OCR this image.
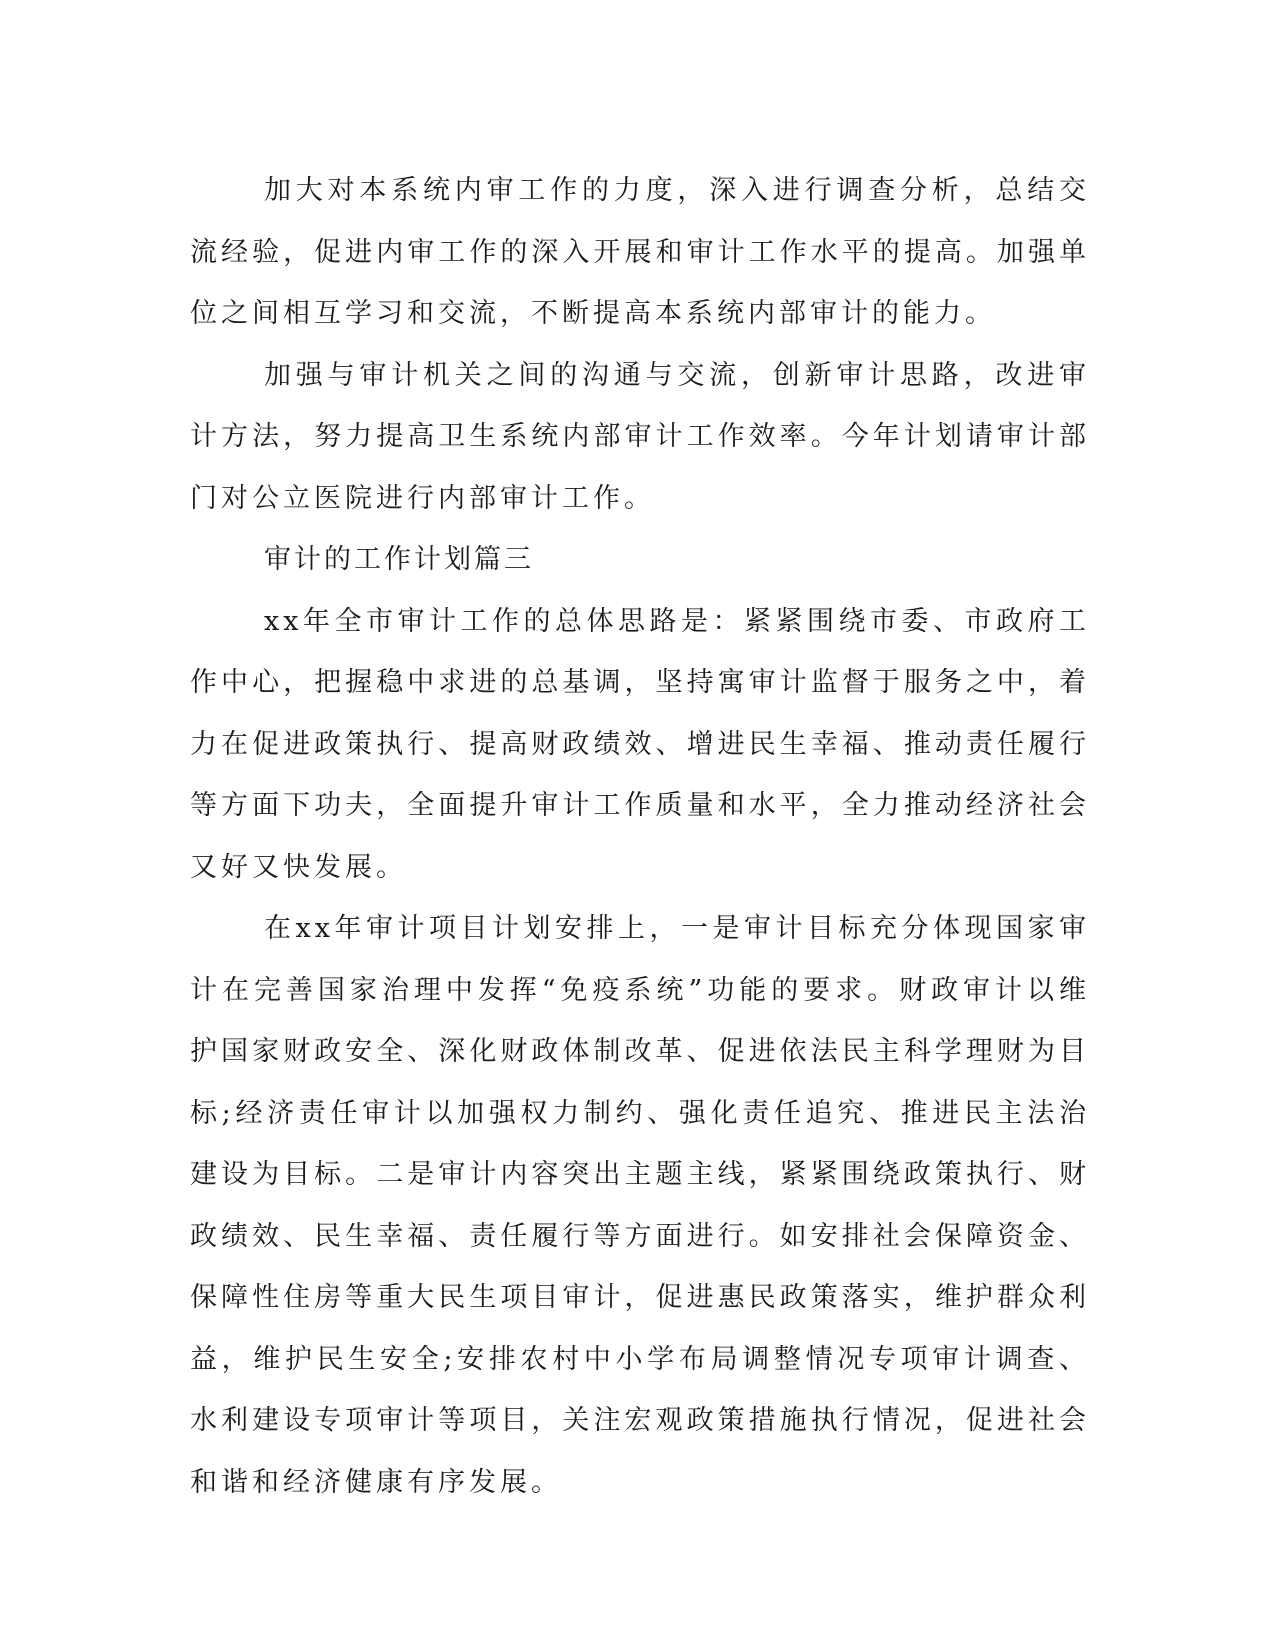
加大对本系统内审工作的力度，深入进行调查分析，总结交流经验，促进内审工作的深入开展和审计工作水平的提高。加强单位之间相互学习和交流，不断提高本系统内部审计的能力。

加强与审计机关之间的沟通与交流，创新审计思路，改进审计方法，努力提高卫生系统内部审计工作效率。今年计划请审计部门对公立医院进行内部审计工作。

审计的工作计划篇三

xx年全市审计工作的总体思路是：紧紧围绕市委、市政府工作中心，把握稳中求进的总基调，坚持寓审计监督于服务之中，着力在促进政策执行、提高财政绩效、增进民生幸福、推动责任履行等方面下功夫，全面提升审计工作质量和水平，全力推动经济社会又好又快发展。

在xx年审计项目计划安排上，一是审计目标充分体现国家审计在完善国家治理中发挥“免疫系统”功能的要求。财政审计以维护国家财政安全、深化财政体制改革、促进依法民主科学理财为目标;经济责任审计以加强权力制约、强化责任追究、推进民主法治建设为目标。二是审计内容突出主题主线，紧紧围绕政策执行、财政绩效、民生幸福、责任履行等方面进行。如安排社会保障资金、保障性住房等重大民生项目审计，促进惠民政策落实，维护群众利益，维护民生安全;安排农村中小学布局调整情况专项审计调查、水利建设专项审计等项目，关注宏观政策措施执行情况，促进社会和谐和经济健康有序发展。
